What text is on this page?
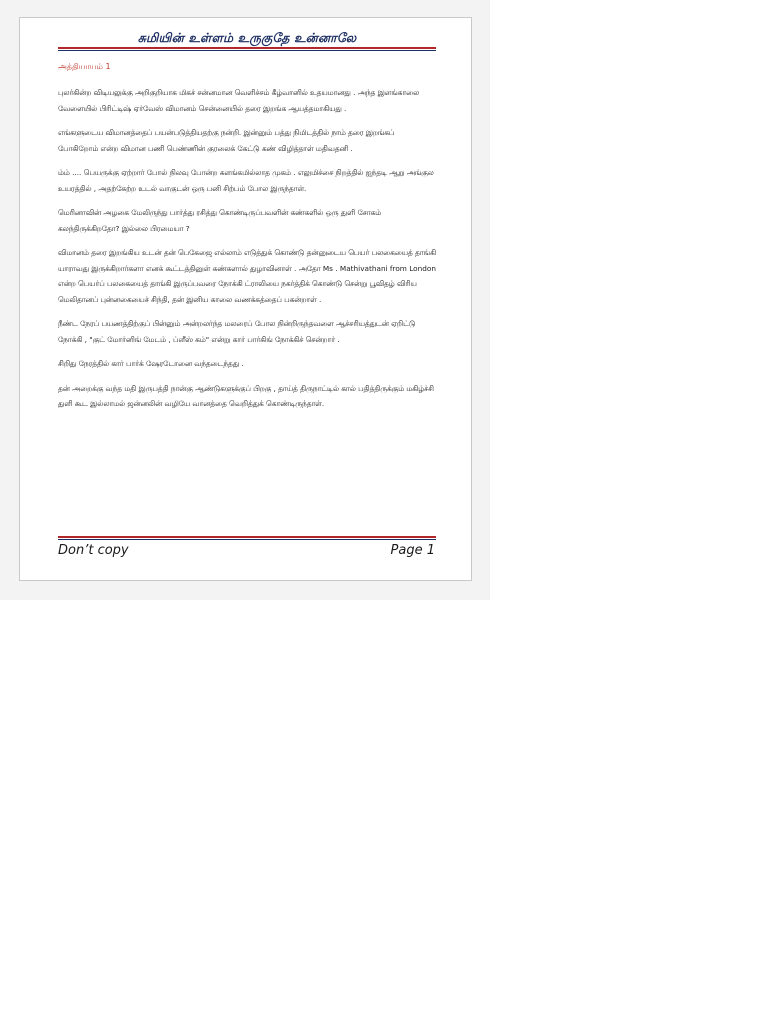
சுமியின் உள்ளம் உருகுதே உன்னாலே
அத்தியாயம் 1

புலர்கின்ற விடியலுக்கு அறிகுறியாக மிகச் சன்னமான வெளிச்சம் கீழ்வானில் உதயமானது . அந்த இளங்காலை வேளையில் பிரிட்டிஷ் ஏர்வேஸ் விமானம் சென்னையில் தரை இறங்க ஆயத்தமாகியது .

எங்களுடைய விமானத்தைப் பயன்படுத்தியதற்கு நன்றி. இன்னும் பத்து நிமிடத்தில் நாம் தரை இறங்கப் போகிறோம் என்ற விமான பணி பெண்ணின் குரலைக் கேட்டு கண் விழித்தாள் மதிவதனி .

ம்ம் .... பெயருக்கு ஏற்றார் போல் நிலவு போன்ற களங்கமில்லாத முகம் . எலுமிச்சை நிறத்தில் ஐந்தடி ஆறு அங்குல உயரத்தில் , அதற்கேற்ற உடல் வாகுடன் ஒரு பனி சிற்பம் போல இருந்தாள்.

மெரினாவின் அழகை மேலிருந்து பார்த்து ரசித்து கொண்டிருப்பவளின் கண்களில் ஒரு துளி சோகம் கலந்திருக்கிறதோ? இல்லை பிரமையா ?

விமானம் தரை இறங்கிய உடன் தன் பெகேஜை எல்லாம் எடுத்துக் கொண்டு தன்னுடைய பெயர் பலகையைத் தாங்கி யாராவது இருக்கிறார்களா எனக் கூட்டத்தினுள் கண்களால் துழாவினாள் . அதோ Ms . Mathivathani from London என்ற பெயர்ப் பலகையைத் தாங்கி இருப்பவரை நோக்கி ட்ராலியை நகர்த்திக் கொண்டு சென்று பூவிதழ் விரிய மெலிதானப் புன்னகையைச் சிந்தி, தன் இனிய காலை வணக்கத்தைப் பகன்றாள் .

நீண்ட நேரப் பயணத்திற்குப் பின்னும் அன்றலர்ந்த மலரைப் போல நின்றிருந்தவளை ஆச்சரியத்துடன் ஏறிட்டு நோக்கி , "குட் மோர்னிங் மேடம் , ப்ளீஸ் கம்" என்று கார் பார்கிங் நோக்கிச் சென்றார் .

சிறிது நேரத்தில் கார் பார்க் ஷேரடோனை வந்தடைந்தது .

தன் அறைக்கு வந்த மதி இருபத்தி நான்கு ஆண்டுகளுக்குப் பிறகு , தாய்த் திருநாட்டில் கால் பதித்திருக்கும் மகிழ்ச்சி துளி கூட இல்லாமல் ஜன்னலின் வழியே வானத்தை வெறித்துக் கொண்டிருந்தாள்.

Don’t copy	Page 1
